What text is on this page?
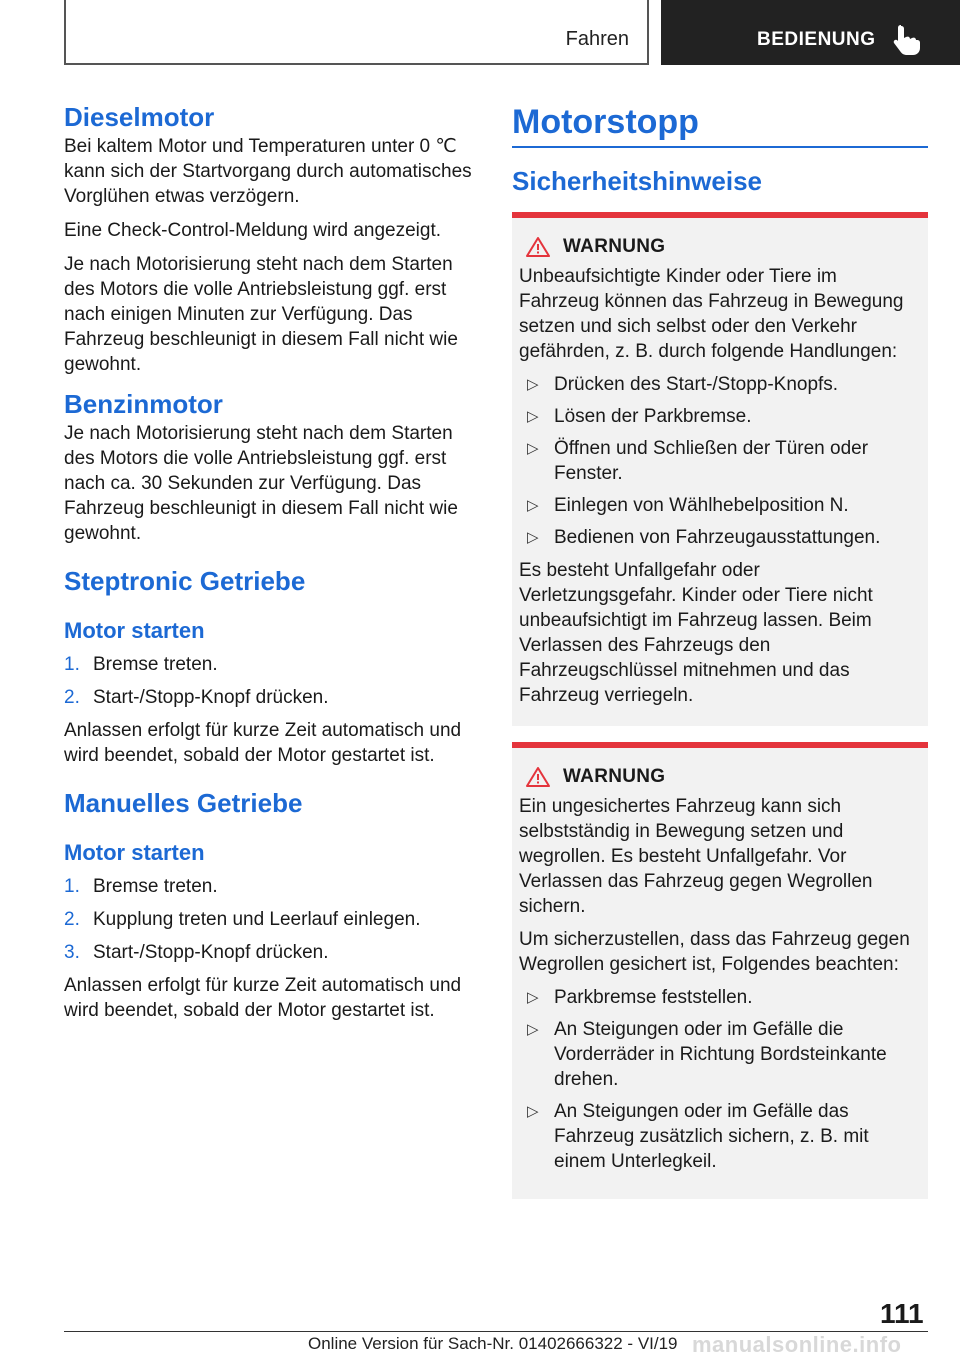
Fahren	BEDIENUNG
Dieselmotor

Bei kaltem Motor und Temperaturen unter 0 ℃ kann sich der Startvorgang durch automatisches Vorglühen etwas verzögern.

Eine Check-Control-Meldung wird angezeigt.

Je nach Motorisierung steht nach dem Starten des Motors die volle Antriebsleistung ggf. erst nach einigen Minuten zur Verfügung. Das Fahrzeug beschleunigt in diesem Fall nicht wie gewohnt.

Benzinmotor

Je nach Motorisierung steht nach dem Starten des Motors die volle Antriebsleistung ggf. erst nach ca. 30 Sekunden zur Verfügung. Das Fahrzeug beschleunigt in diesem Fall nicht wie gewohnt.

Steptronic Getriebe
Motor starten
1. Bremse treten.
2. Start-/Stopp-Knopf drücken.

Anlassen erfolgt für kurze Zeit automatisch und wird beendet, sobald der Motor gestartet ist.

Manuelles Getriebe
Motor starten
1. Bremse treten.
2. Kupplung treten und Leerlauf einlegen.
3. Start-/Stopp-Knopf drücken.

Anlassen erfolgt für kurze Zeit automatisch und wird beendet, sobald der Motor gestartet ist.

Motorstopp
Sicherheitshinweise
WARNUNG

Unbeaufsichtigte Kinder oder Tiere im Fahrzeug können das Fahrzeug in Bewegung setzen und sich selbst oder den Verkehr gefährden, z. B. durch folgende Handlungen:

▷ Drücken des Start-/Stopp-Knopfs.
▷ Lösen der Parkbremse.
▷ Öffnen und Schließen der Türen oder Fenster.
▷ Einlegen von Wählhebelposition N.
▷ Bedienen von Fahrzeugausstattungen.

Es besteht Unfallgefahr oder Verletzungsgefahr. Kinder oder Tiere nicht unbeaufsichtigt im Fahrzeug lassen. Beim Verlassen des Fahrzeugs den Fahrzeugschlüssel mitnehmen und das Fahrzeug verriegeln.

WARNUNG

Ein ungesichertes Fahrzeug kann sich selbstständig in Bewegung setzen und wegrollen. Es besteht Unfallgefahr. Vor Verlassen das Fahrzeug gegen Wegrollen sichern.

Um sicherzustellen, dass das Fahrzeug gegen Wegrollen gesichert ist, Folgendes beachten:

▷ Parkbremse feststellen.
▷ An Steigungen oder im Gefälle die Vorderräder in Richtung Bordsteinkante drehen.
▷ An Steigungen oder im Gefälle das Fahrzeug zusätzlich sichern, z. B. mit einem Unterlegkeil.
111
Online Version für Sach-Nr. 01402666322 - VI/19 manualsonline.info
